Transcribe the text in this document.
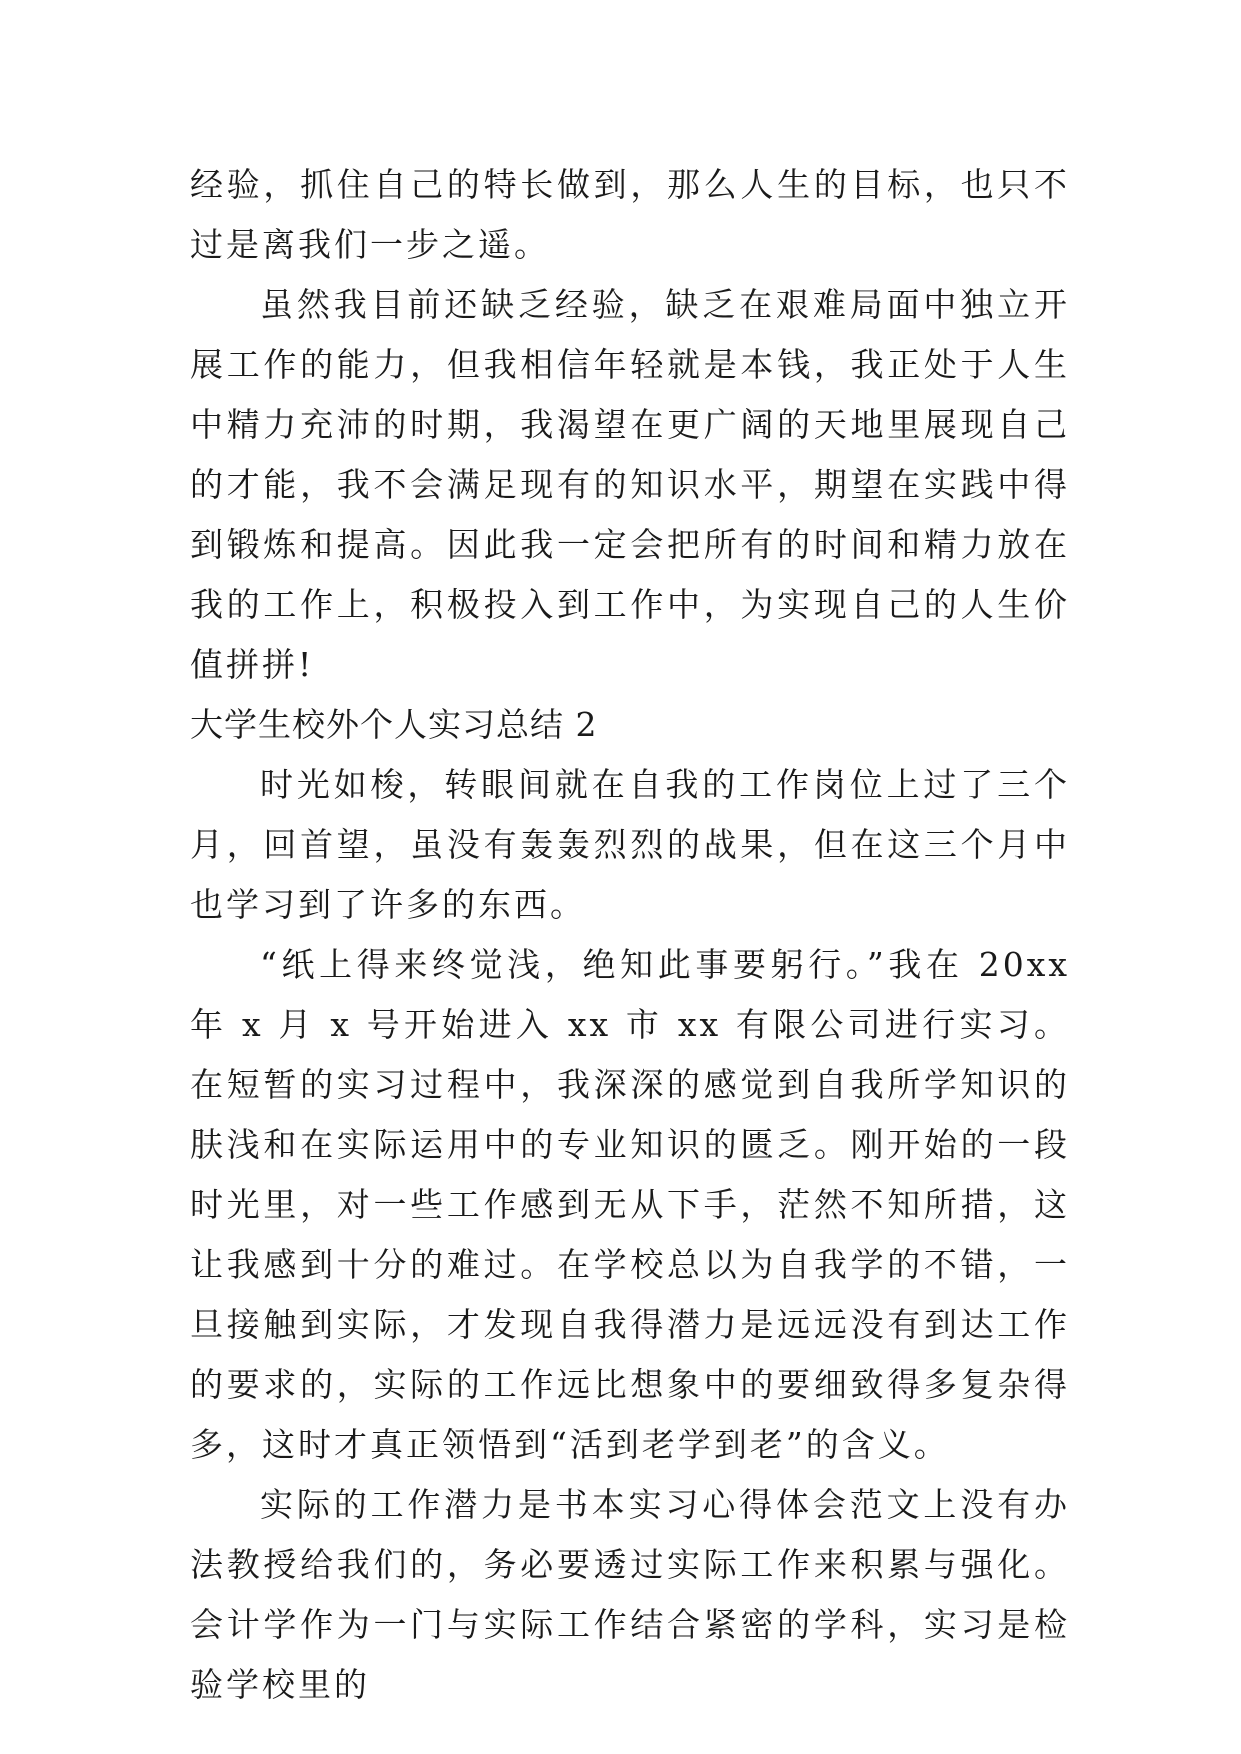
经验，抓住自己的特长做到，那么人生的目标，也只不过是离我们一步之遥。

虽然我目前还缺乏经验，缺乏在艰难局面中独立开展工作的能力，但我相信年轻就是本钱，我正处于人生中精力充沛的时期，我渴望在更广阔的天地里展现自己的才能，我不会满足现有的知识水平，期望在实践中得到锻炼和提高。因此我一定会把所有的时间和精力放在我的工作上，积极投入到工作中，为实现自己的人生价值拼拼!

大学生校外个人实习总结 2

时光如梭，转眼间就在自我的工作岗位上过了三个月，回首望，虽没有轰轰烈烈的战果，但在这三个月中也学习到了许多的东西。

“纸上得来终觉浅，绝知此事要躬行。”我在 20xx 年 x 月 x 号开始进入 xx 市 xx 有限公司进行实习。在短暂的实习过程中，我深深的感觉到自我所学知识的肤浅和在实际运用中的专业知识的匮乏。刚开始的一段时光里，对一些工作感到无从下手，茫然不知所措，这让我感到十分的难过。在学校总以为自我学的不错，一旦接触到实际，才发现自我得潜力是远远没有到达工作的要求的，实际的工作远比想象中的要细致得多复杂得多，这时才真正领悟到“活到老学到老”的含义。

实际的工作潜力是书本实习心得体会范文上没有办法教授给我们的，务必要透过实际工作来积累与强化。会计学作为一门与实际工作结合紧密的学科，实习是检验学校里的
